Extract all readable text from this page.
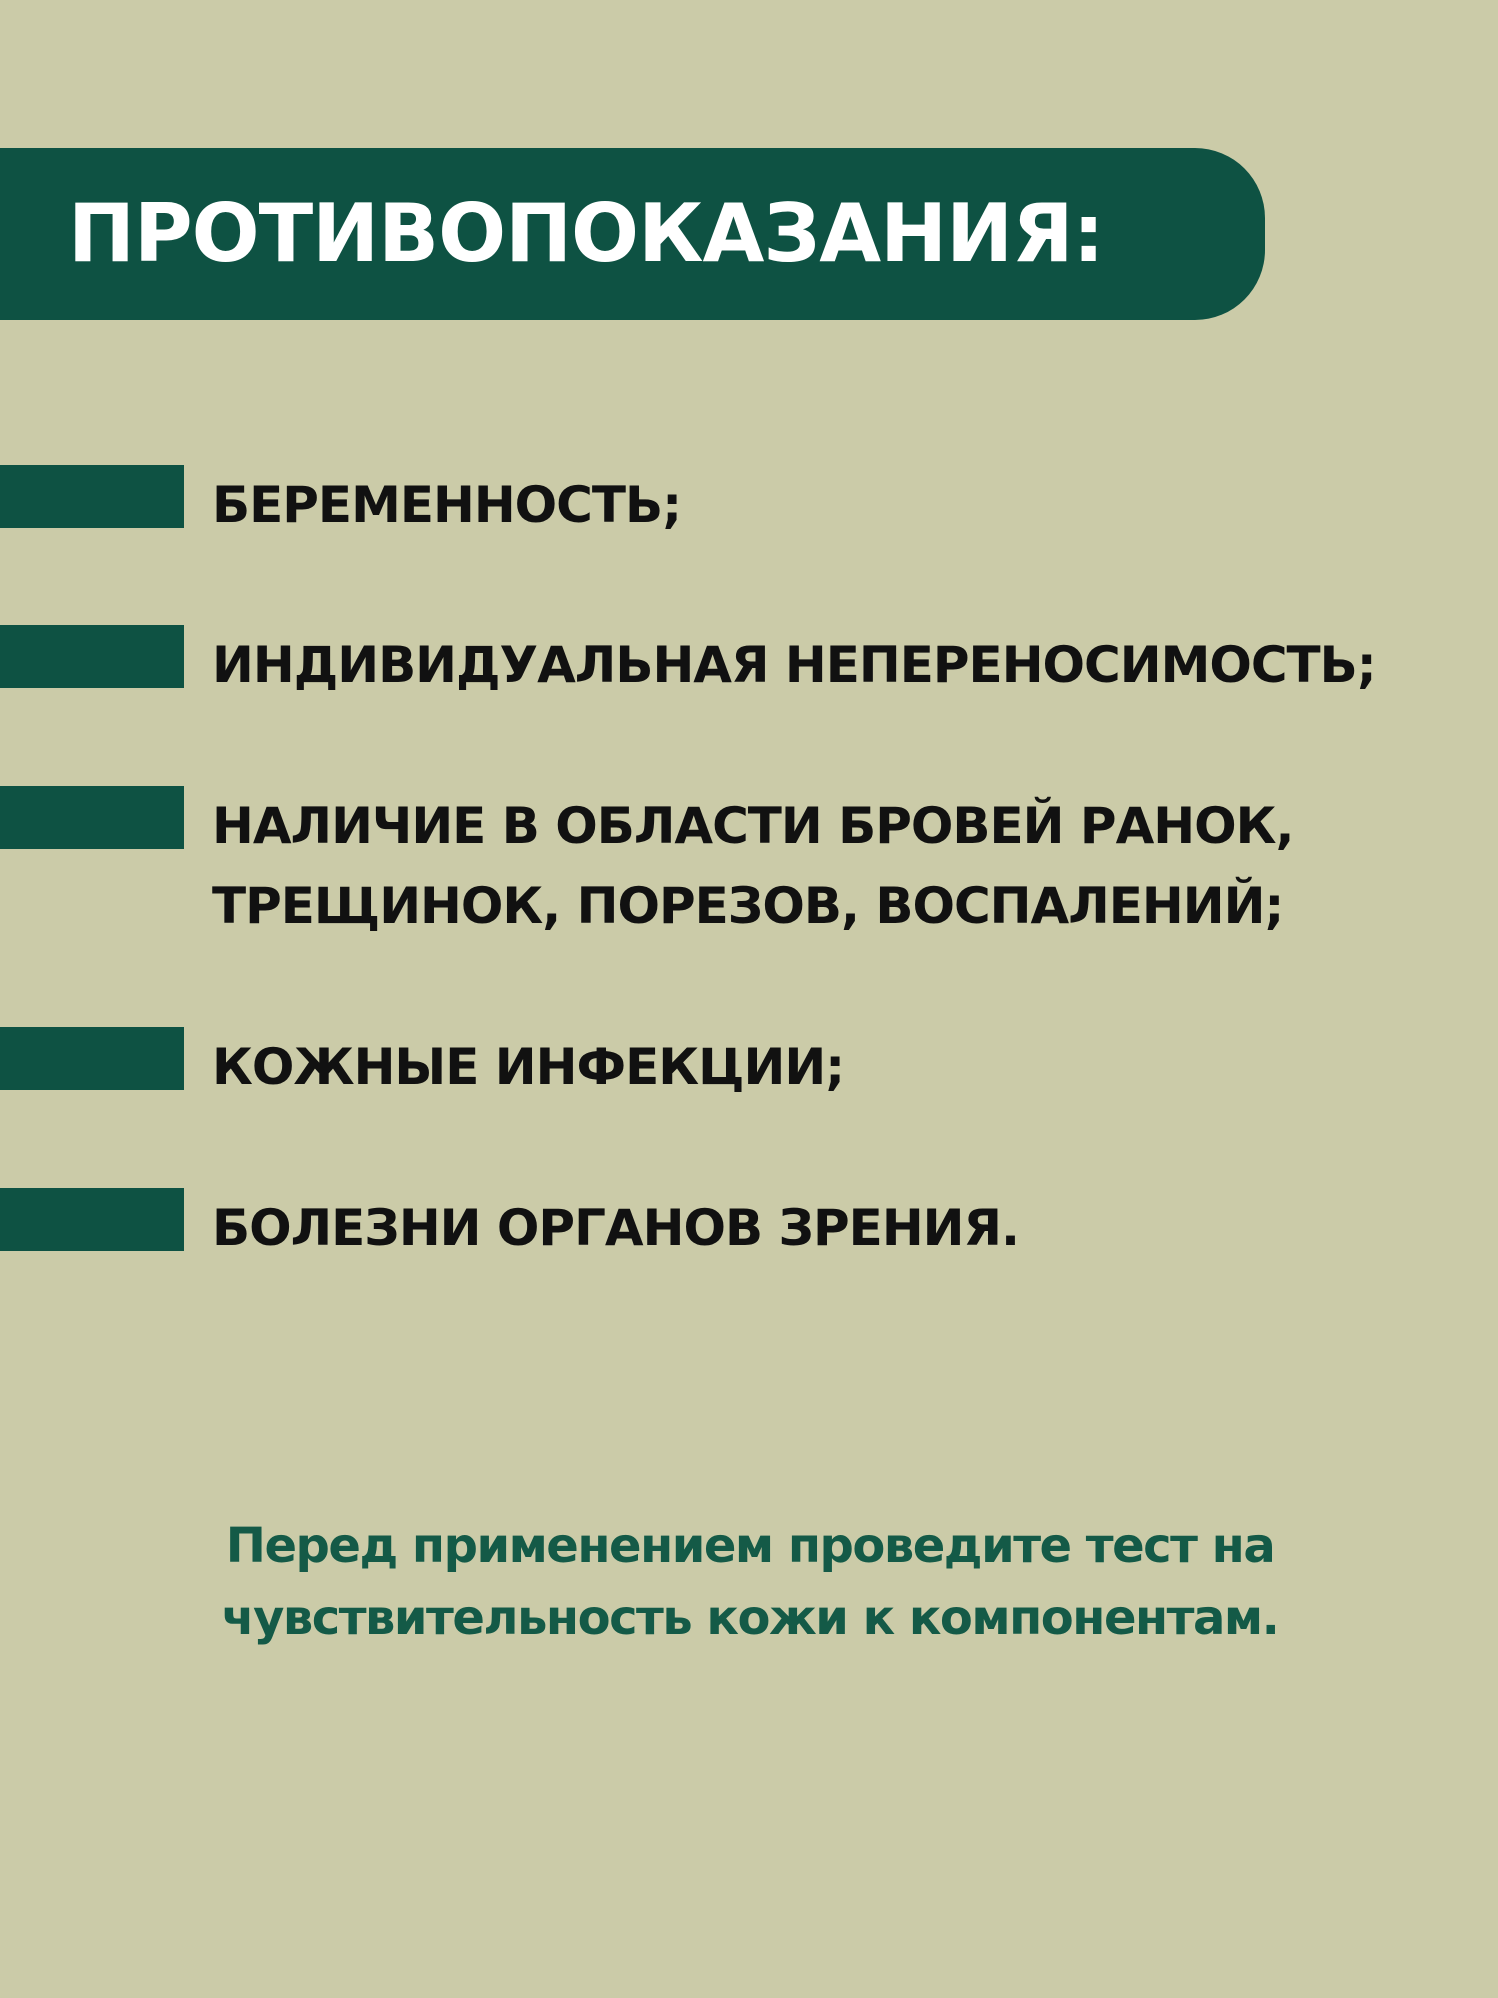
ПРОТИВОПОКАЗАНИЯ:
БЕРЕМЕННОСТЬ;
ИНДИВИДУАЛЬНАЯ НЕПЕРЕНОСИМОСТЬ;
НАЛИЧИЕ В ОБЛАСТИ БРОВЕЙ РАНОК,
ТРЕЩИНОК, ПОРЕЗОВ, ВОСПАЛЕНИЙ;
КОЖНЫЕ ИНФЕКЦИИ;
БОЛЕЗНИ ОРГАНОВ ЗРЕНИЯ.
Перед применением проведите тест на
чувствительность кожи к компонентам.
